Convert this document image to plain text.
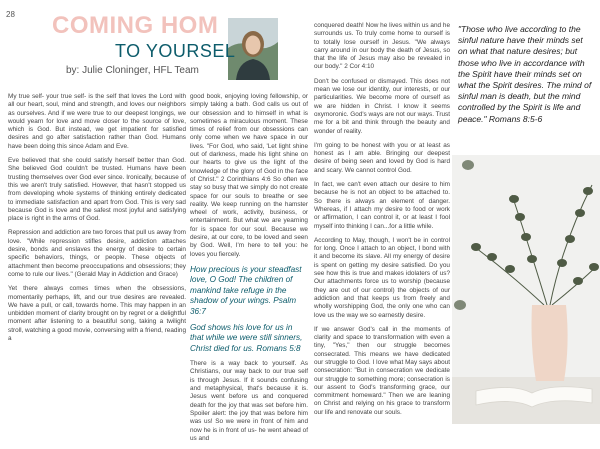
28 COMING HOM
TO YOURSEL
by: Julie Cloninger, HFL Team

My true self- your true self- is the self that loves the Lord with all our heart, soul, mind and strength, and loves our neighbors as ourselves. And if we were true to our deepest longings, we would yearn for love and move closer to the source of love, which is God. But instead, we get impatient for satisfied desires and go after satisfaction rather than God. Humans have been doing this since Adam and Eve.

Eve believed that she could satisfy herself better than God. She believed God couldn't be trusted. Humans have been trusting themselves over God ever since. Ironically, because of this we aren't truly satisfied. However, that hasn't stopped us from developing whole systems of thinking entirely dedicated to immediate satisfaction and apart from God. This is very sad because God is love and the safest most joyful and satisfying place is right in the arms of God.

Repression and addiction are two forces that pull us away from love. "While repression stifles desire, addiction attaches desire, bonds and enslaves the energy of desire to certain specific behaviors, things, or people. These objects of attachment then become preoccupations and obsessions; they come to rule our lives." (Gerald May in Addiction and Grace)

Yet there always comes times when the obsessions, momentarily perhaps, lift, and our true desires are revealed. We have a pull, or call, towards home. This may happen in an unbidden moment of clarity brought on by regret or a delightful moment after listening to a beautiful song, taking a twilight stroll, watching a good movie, conversing with a friend, reading a

good book, enjoying loving fellowship, or simply taking a bath. God calls us out of our obsession and to himself in what is sometimes a miraculous moment. These times of relief from our obsessions can only come when we have space in our lives. "For God, who said, 'Let light shine out of darkness, made his light shine on our hearts to give us the light of the knowledge of the glory of God in the face of Christ." 2 Corinthians 4:6 So often we stay so busy that we simply do not create space for our souls to breathe or see reality. We keep running on the hamster wheel of work, activity, business, or entertainment. But what we are yearning for is space for our soul. Because we desire, at our core, to be loved and seen by God. Well, I'm here to tell you: he loves you fiercely.

How precious is your steadfast love, O God! The children of mankind take refuge in the shadow of your wings. Psalm 36:7

God shows his love for us in that while we were still sinners, Christ died for us. Romans 5:8

There is a way back to yourself. As Christians, our way back to our true self is through Jesus. If it sounds confusing and metaphysical, that's because it is. Jesus went before us and conquered death for the joy that was set before him. Spoiler alert: the joy that was before him was us! So we were in front of him and now he is in front of us- he went ahead of us and

conquered death! Now he lives within us and he surrounds us. To truly come home to ourself is to totally lose ourself in Jesus. "We always carry around in our body the death of Jesus, so that the life of Jesus may also be revealed in our body." 2 Cor 4:10

Don't be confused or dismayed. This does not mean we lose our identity, our interests, or our particularities. We become more of ourself as we are hidden in Christ. I know it seems oxymoronic. God's ways are not our ways. Trust me for a bit and think through the beauty and wonder of reality.

I'm going to be honest with you or at least as honest as I am able. Bringing our deepest desire of being seen and loved by God is hard and scary. We cannot control God.

In fact, we can't even attach our desire to him because he is not an object to be attached to. So there is always an element of danger. Whereas, if I attach my desire to food or work or affirmation, I can control it, or at least I fool myself into thinking I can...for a little while.

According to May, though, I won't be in control for long. Once I attach to an object, I bond with it and become its slave. All my energy of desire is spent on getting my desire satisfied. Do you see how this is true and makes idolaters of us? Our attachments force us to worship (because they are out of our control) the objects of our addiction and that keeps us from freely and wholly worshipping God, the only one who can love us the way we so earnestly desire.

If we answer God's call in the moments of clarity and space to transformation with even a tiny, "Yes," then our struggle becomes consecrated. This means we have dedicated our struggle to God. I love what May says about consecration: "But in consecration we dedicate our struggle to something more; consecration is our assent to God's transforming grace, our commitment homeward." Then we are leaning on Christ and relying on his grace to transform our life and renovate our souls.

"Those who live according to the sinful nature have their minds set on what that nature desires; but those who live in accordance with the Spirit have their minds set on what the Spirit desires. The mind of sinful man is death, but the mind controlled by the Spirit is life and peace." Romans 8:5-6
